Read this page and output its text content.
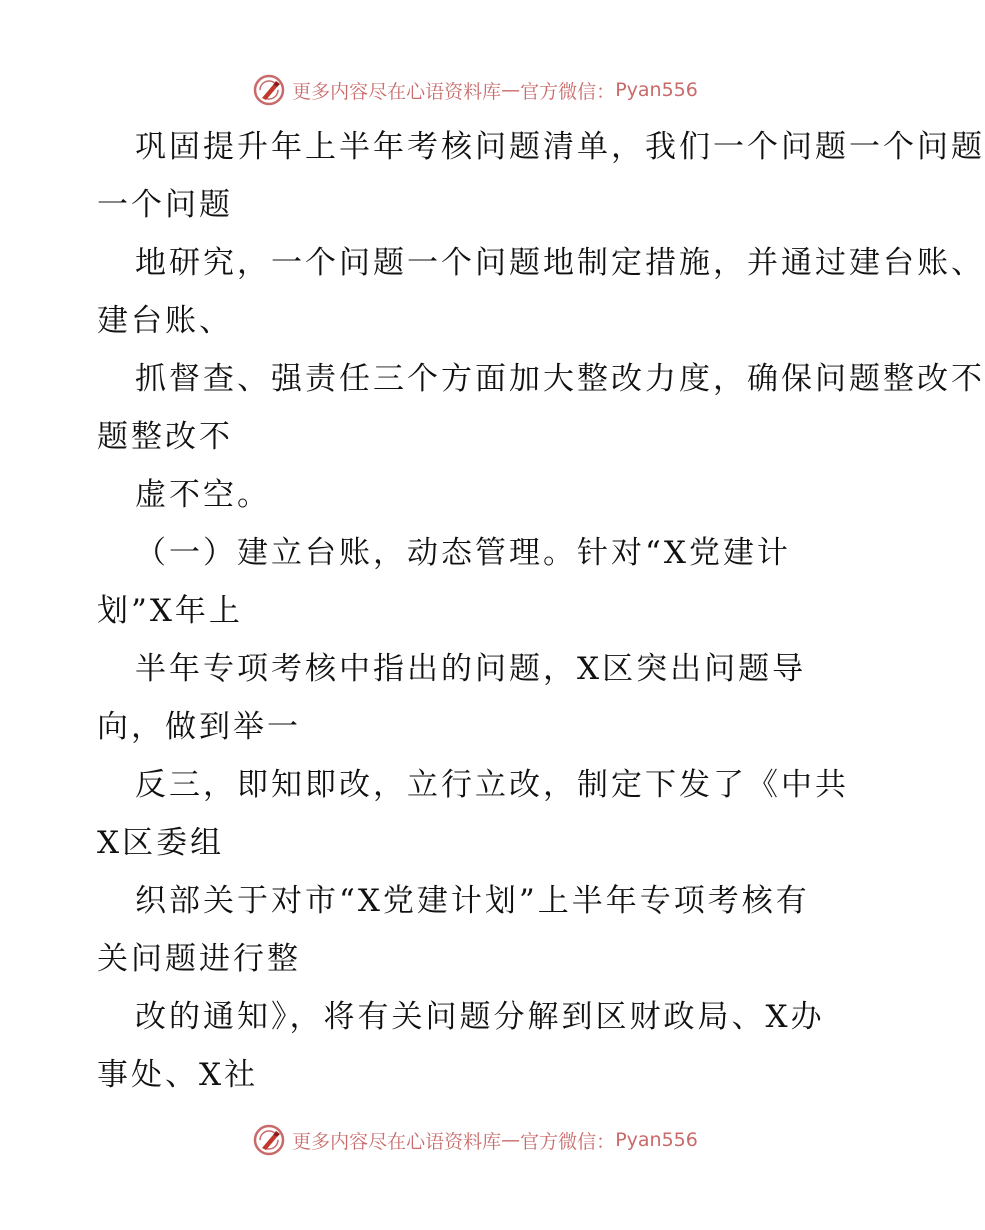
更多内容尽在心语资料库 — 官方微信： Pyan556
巩固提升年上半年考核问题清单，我们一个问题一个问题
一个问题
地研究，一个问题一个问题地制定措施，并通过建台账、
建台账、
抓督查、强责任三个方面加大整改力度，确保问题整改不
题整改不
虚不空。
（一）建立台账，动态管理。针对“X党建计
划”X年上
半年专项考核中指出的问题，X区突出问题导
向，做到举一
反三，即知即改，立行立改，制定下发了《中共
X区委组
织部关于对市“X党建计划”上半年专项考核有
关问题进行整
改的通知》，将有关问题分解到区财政局、X办
事处、X社
更多内容尽在心语资料库 — 官方微信： Pyan556
